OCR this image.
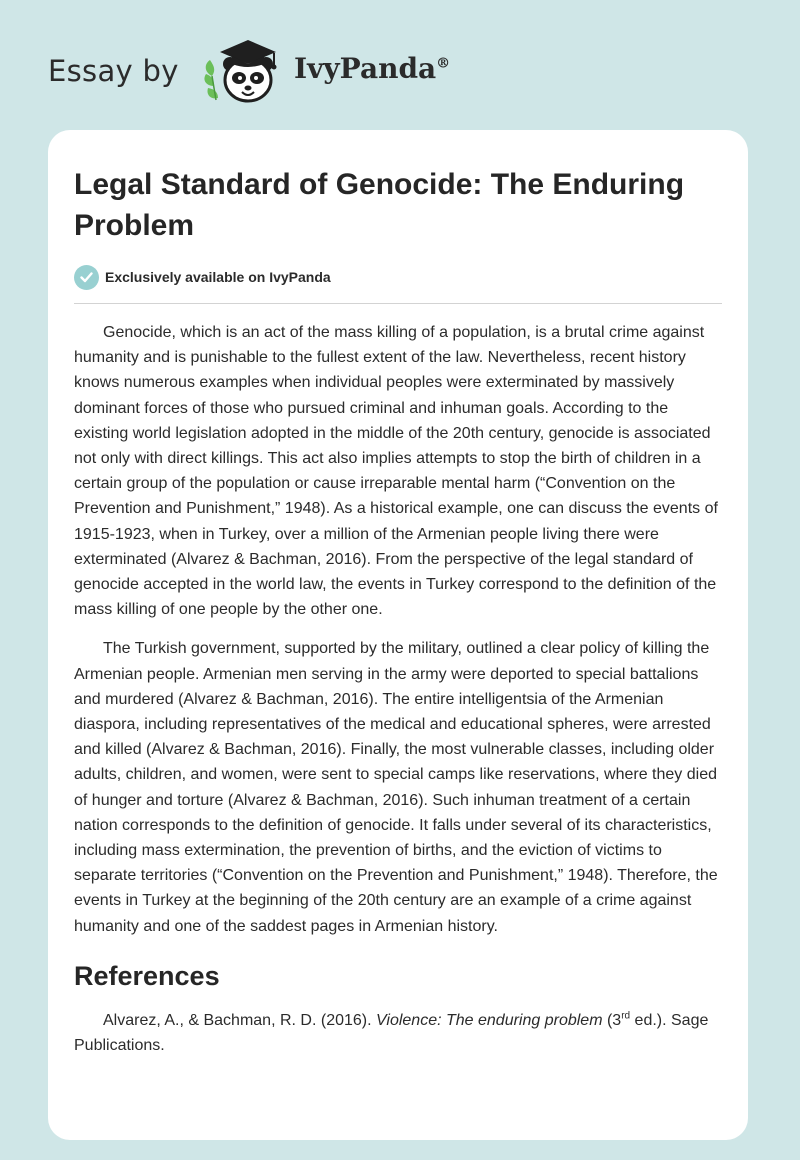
Essay by	IvyPanda®
Legal Standard of Genocide: The Enduring Problem
Exclusively available on IvyPanda

Genocide, which is an act of the mass killing of a population, is a brutal crime against humanity and is punishable to the fullest extent of the law. Nevertheless, recent history knows numerous examples when individual peoples were exterminated by massively dominant forces of those who pursued criminal and inhuman goals. According to the existing world legislation adopted in the middle of the 20th century, genocide is associated not only with direct killings. This act also implies attempts to stop the birth of children in a certain group of the population or cause irreparable mental harm (“Convention on the Prevention and Punishment,” 1948). As a historical example, one can discuss the events of 1915-1923, when in Turkey, over a million of the Armenian people living there were exterminated (Alvarez & Bachman, 2016). From the perspective of the legal standard of genocide accepted in the world law, the events in Turkey correspond to the definition of the mass killing of one people by the other one.

The Turkish government, supported by the military, outlined a clear policy of killing the Armenian people. Armenian men serving in the army were deported to special battalions and murdered (Alvarez & Bachman, 2016). The entire intelligentsia of the Armenian diaspora, including representatives of the medical and educational spheres, were arrested and killed (Alvarez & Bachman, 2016). Finally, the most vulnerable classes, including older adults, children, and women, were sent to special camps like reservations, where they died of hunger and torture (Alvarez & Bachman, 2016). Such inhuman treatment of a certain nation corresponds to the definition of genocide. It falls under several of its characteristics, including mass extermination, the prevention of births, and the eviction of victims to separate territories (“Convention on the Prevention and Punishment,” 1948). Therefore, the events in Turkey at the beginning of the 20th century are an example of a crime against humanity and one of the saddest pages in Armenian history.

References

Alvarez, A., & Bachman, R. D. (2016). Violence: The enduring problem (3rd ed.). Sage Publications.
